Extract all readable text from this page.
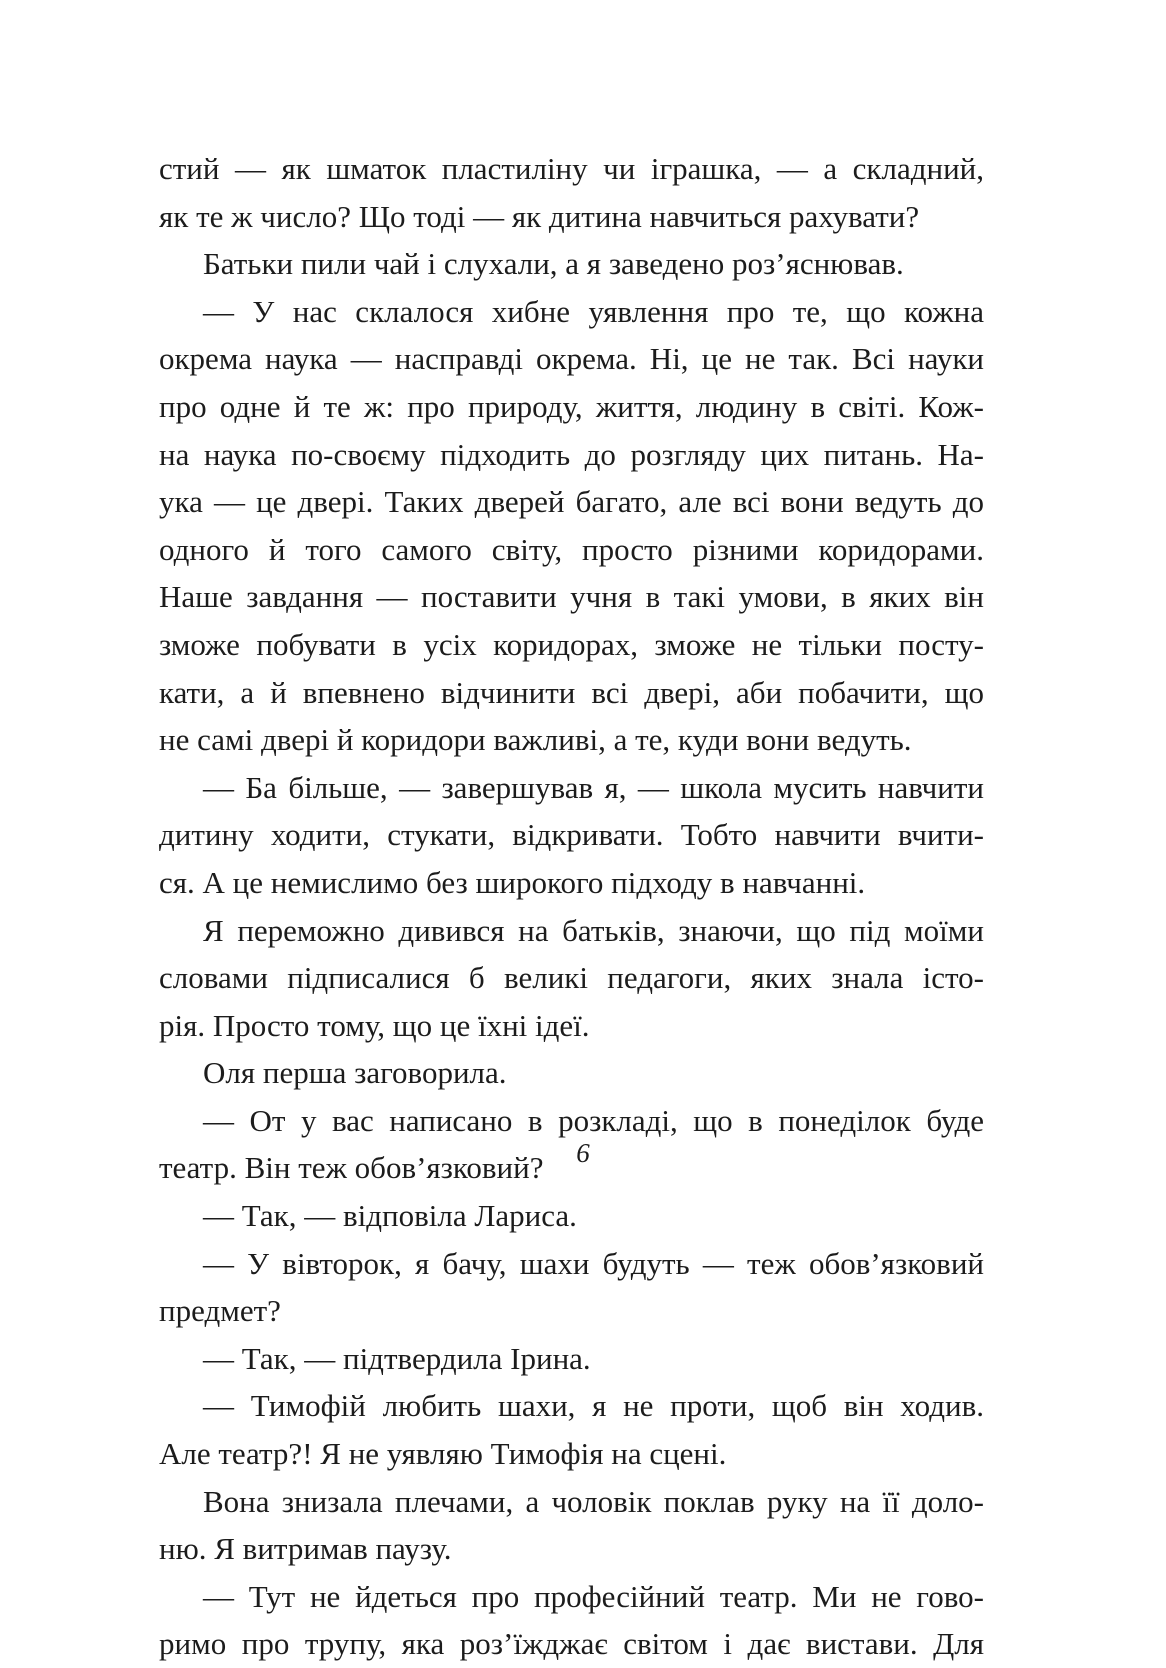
стий — як шматок пластиліну чи іграшка, — а складний,
як те ж число? Що тоді — як дитина навчиться рахувати?
Батьки пили чай і слухали, а я заведено роз’яснював.
— У нас склалося хибне уявлення про те, що кожна
окрема наука — насправді окрема. Ні, це не так. Всі науки
про одне й те ж: про природу, життя, людину в світі. Кож-
на наука по-своєму підходить до розгляду цих питань. На-
ука — це двері. Таких дверей багато, але всі вони ведуть до
одного й того самого світу, просто різними коридорами.
Наше завдання — поставити учня в такі умови, в яких він
зможе побувати в усіх коридорах, зможе не тільки посту-
кати, а й впевнено відчинити всі двері, аби побачити, що
не самі двері й коридори важливі, а те, куди вони ведуть.
— Ба більше, — завершував я, — школа мусить навчити
дитину ходити, стукати, відкривати. Тобто навчити вчити-
ся. А це немислимо без широкого підходу в навчанні.
Я переможно дивився на батьків, знаючи, що під моїми
словами підписалися б великі педагоги, яких знала істо-
рія. Просто тому, що це їхні ідеї.
Оля перша заговорила.
— От у вас написано в розкладі, що в понеділок буде
театр. Він теж обов’язковий?
— Так, — відповіла Лариса.
— У вівторок, я бачу, шахи будуть — теж обов’язковий
предмет?
— Так, — підтвердила Ірина.
— Тимофій любить шахи, я не проти, щоб він ходив.
Але театр?! Я не уявляю Тимофія на сцені.
Вона знизала плечами, а чоловік поклав руку на її доло-
ню. Я витримав паузу.
— Тут не йдеться про професійний театр. Ми не гово-
римо про трупу, яка роз’їжджає світом і дає вистави. Для
6
